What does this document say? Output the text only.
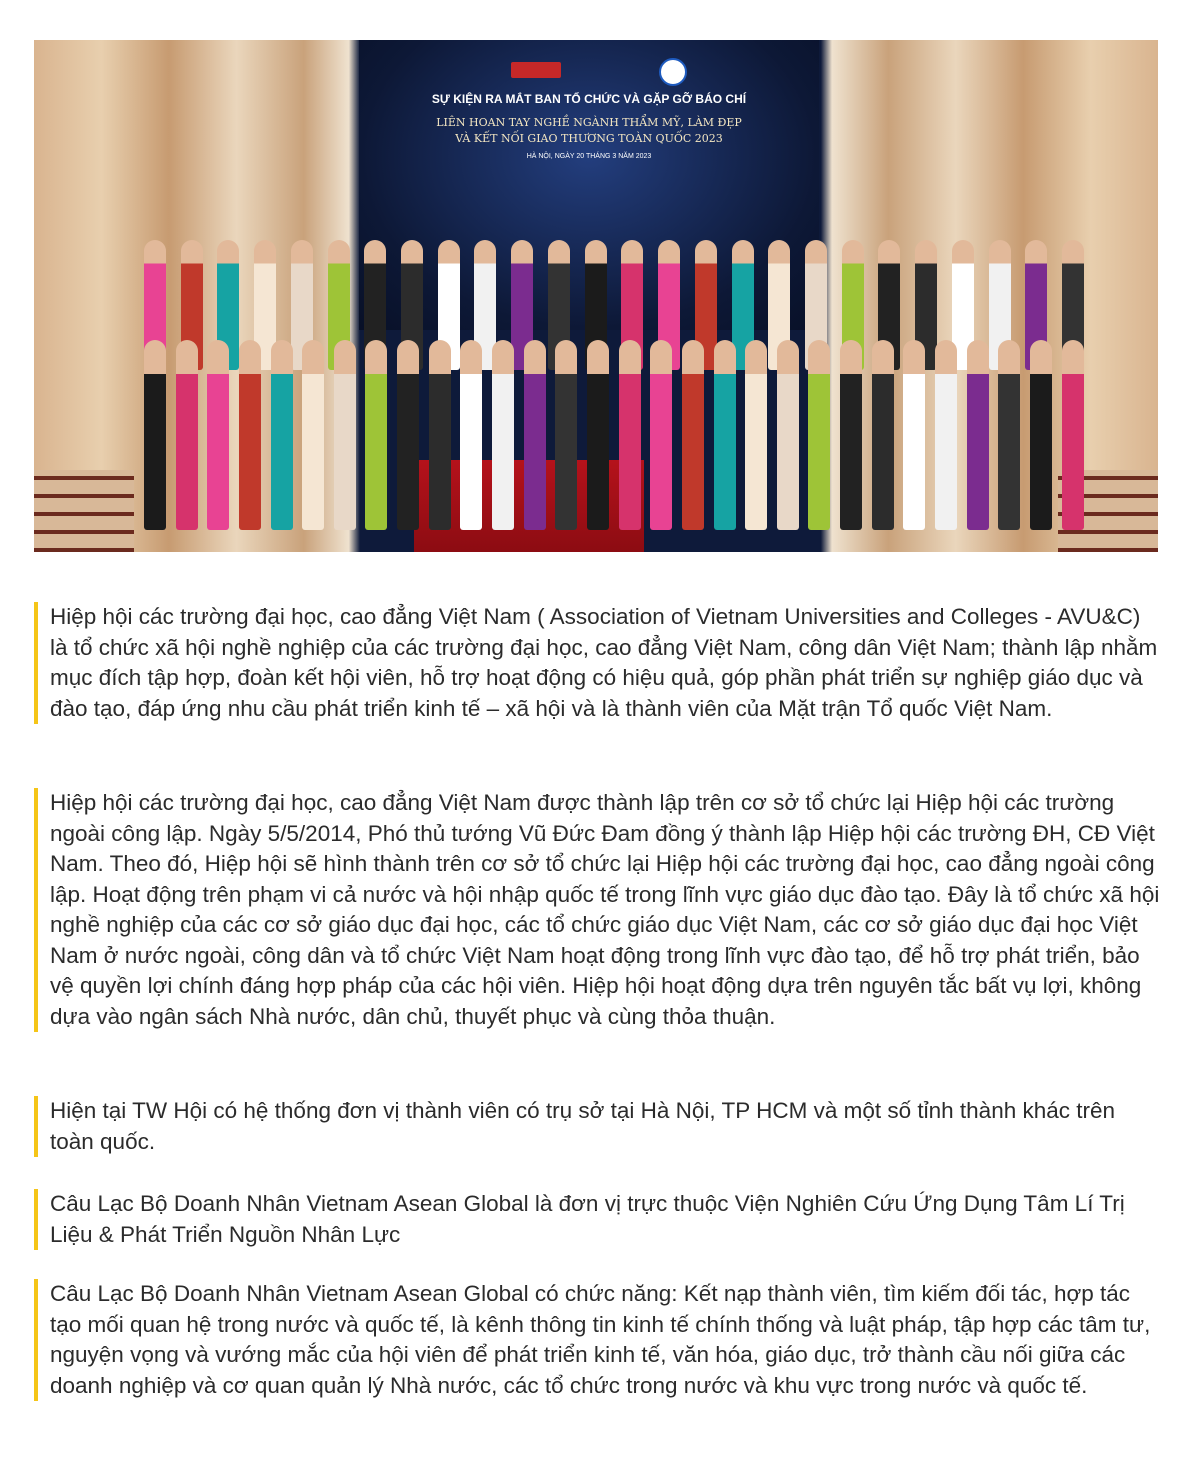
SỰ KIỆN RA MẮT BAN TỔ CHỨC VÀ GẶP GỠ BÁO CHÍ
LIÊN HOAN TAY NGHỀ NGÀNH THẨM MỸ, LÀM ĐẸP
VÀ KẾT NỐI GIAO THƯƠNG TOÀN QUỐC 2023
HÀ NỘI, NGÀY 20 THÁNG 3 NĂM 2023

Hiệp hội các trường đại học, cao đẳng Việt Nam ( Association of Vietnam Universities and Colleges - AVU&C) là tổ chức xã hội nghề nghiệp của các trường đại học, cao đẳng Việt Nam, công dân Việt Nam; thành lập nhằm mục đích tập hợp, đoàn kết hội viên, hỗ trợ hoạt động có hiệu quả, góp phần phát triển sự nghiệp giáo dục và đào tạo, đáp ứng nhu cầu phát triển kinh tế – xã hội và là thành viên của Mặt trận Tổ quốc Việt Nam.

Hiệp hội các trường đại học, cao đẳng Việt Nam được thành lập trên cơ sở tổ chức lại Hiệp hội các trường ngoài công lập. Ngày 5/5/2014, Phó thủ tướng Vũ Đức Đam đồng ý thành lập Hiệp hội các trường ĐH, CĐ Việt Nam. Theo đó, Hiệp hội sẽ hình thành trên cơ sở tổ chức lại Hiệp hội các trường đại học, cao đẳng ngoài công lập. Hoạt động trên phạm vi cả nước và hội nhập quốc tế trong lĩnh vực giáo dục đào tạo. Đây là tổ chức xã hội nghề nghiệp của các cơ sở giáo dục đại học, các tổ chức giáo dục Việt Nam, các cơ sở giáo dục đại học Việt Nam ở nước ngoài, công dân và tổ chức Việt Nam hoạt động trong lĩnh vực đào tạo, để hỗ trợ phát triển, bảo vệ quyền lợi chính đáng hợp pháp của các hội viên. Hiệp hội hoạt động dựa trên nguyên tắc bất vụ lợi, không dựa vào ngân sách Nhà nước, dân chủ, thuyết phục và cùng thỏa thuận.

Hiện tại TW Hội có hệ thống đơn vị thành viên có trụ sở tại Hà Nội, TP HCM và một số tỉnh thành khác trên toàn quốc.

Câu Lạc Bộ Doanh Nhân Vietnam Asean Global là đơn vị trực thuộc Viện Nghiên Cứu Ứng Dụng Tâm Lí Trị Liệu & Phát Triển Nguồn Nhân Lực

Câu Lạc Bộ Doanh Nhân Vietnam Asean Global có chức năng: Kết nạp thành viên, tìm kiếm đối tác, hợp tác tạo mối quan hệ trong nước và quốc tế, là kênh thông tin kinh tế chính thống và luật pháp, tập hợp các tâm tư, nguyện vọng và vướng mắc của hội viên để phát triển kinh tế, văn hóa, giáo dục, trở thành cầu nối giữa các doanh nghiệp và cơ quan quản lý Nhà nước, các tổ chức trong nước và khu vực trong nước và quốc tế.
